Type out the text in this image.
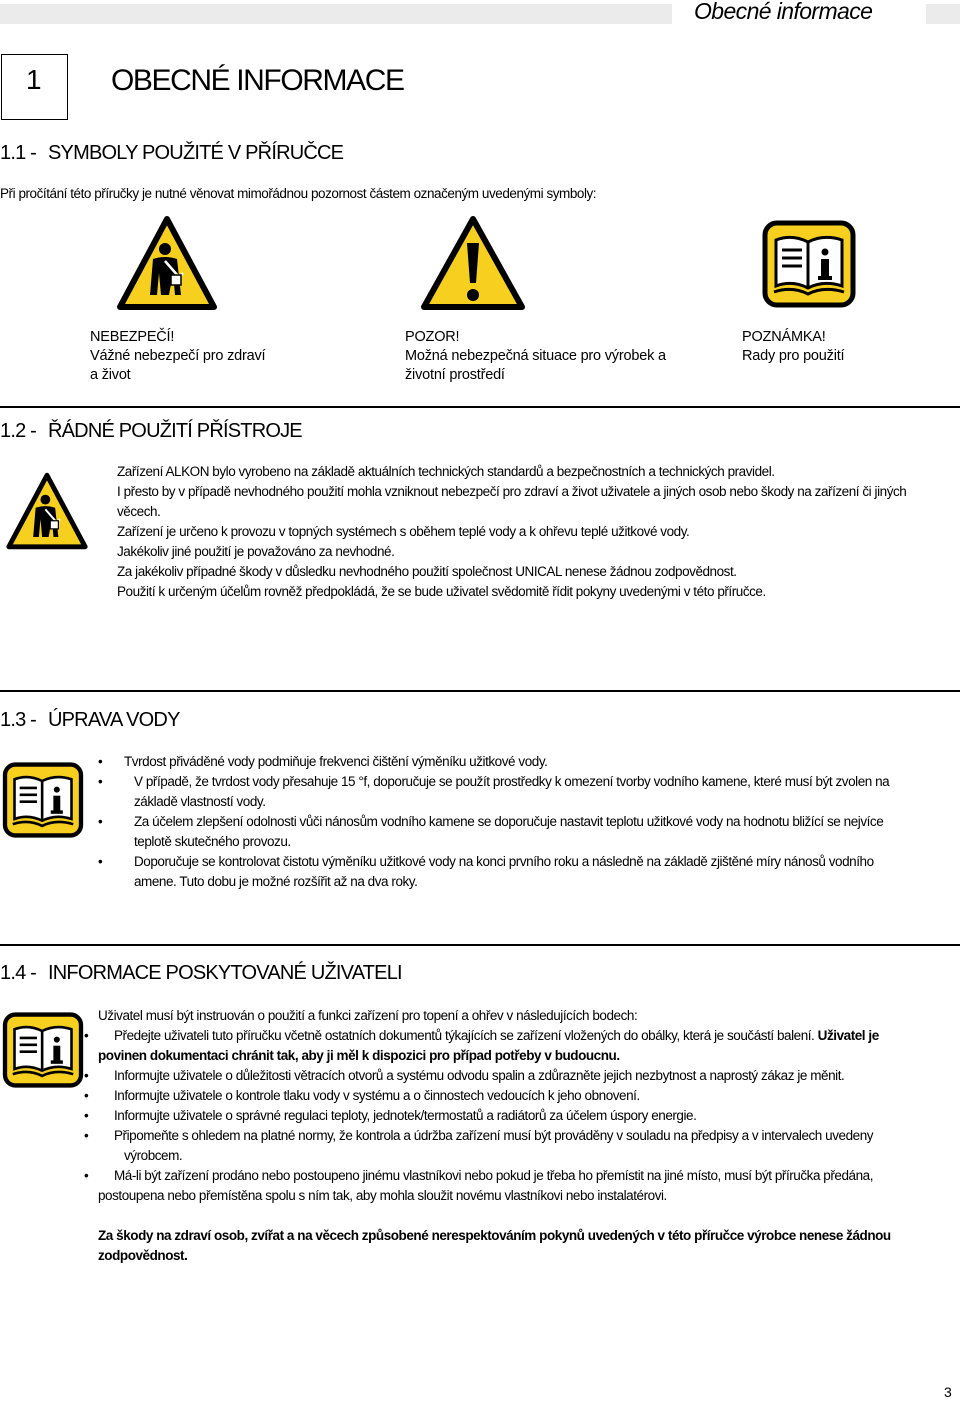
Obecné informace
1 OBECNÉ INFORMACE
1.1 - SYMBOLY POUŽITÉ V PŘÍRUČCE
Při pročítání této příručky je nutné věnovat mimořádnou pozornost částem označeným uvedenými symboly:
NEBEZPEČÍ!
Vážné nebezpečí pro zdraví
a život
POZOR!
Možná nebezpečná situace pro výrobek a
životní prostředí
POZNÁMKA!
Rady pro použití
1.2 - ŘÁDNÉ POUŽITÍ PŘÍSTROJE
Zařízení ALKON bylo vyrobeno na základě aktuálních technických standardů a bezpečnostních a technických pravidel.
I přesto by v případě nevhodného použití mohla vzniknout nebezpečí pro zdraví a život uživatele a jiných osob nebo škody na zařízení či jiných
věcech.
Zařízení je určeno k provozu v topných systémech s oběhem teplé vody a k ohřevu teplé užitkové vody.
Jakékoliv jiné použití je považováno za nevhodné.
Za jakékoliv případné škody v důsledku nevhodného použití společnost UNICAL nenese žádnou zodpovědnost.
Použití k určeným účelům rovněž předpokládá, že se bude uživatel svědomitě řídit pokyny uvedenými v této příručce.
1.3 - ÚPRAVA VODY
• Tvrdost přiváděné vody podmiňuje frekvenci čištění výměníku užitkové vody.
• V případě, že tvrdost vody přesahuje 15 °f, doporučuje se použít prostředky k omezení tvorby vodního kamene, které musí být zvolen na
základě vlastností vody.
• Za účelem zlepšení odolnosti vůči nánosům vodního kamene se doporučuje nastavit teplotu užitkové vody na hodnotu bližící se nejvíce
teplotě skutečného provozu.
• Doporučuje se kontrolovat čistotu výměníku užitkové vody na konci prvního roku a následně na základě zjištěné míry nánosů vodního
amene. Tuto dobu je možné rozšířit až na dva roky.
1.4 - INFORMACE POSKYTOVANÉ UŽIVATELI
Uživatel musí být instruován o použití a funkci zařízení pro topení a ohřev v následujících bodech:
• Předejte uživateli tuto příručku včetně ostatních dokumentů týkajících se zařízení vložených do obálky, která je součástí balení. Uživatel je
povinen dokumentaci chránit tak, aby ji měl k dispozici pro případ potřeby v budoucnu.
• Informujte uživatele o důležitosti větracích otvorů a systému odvodu spalin a zdůrazněte jejich nezbytnost a naprostý zákaz je měnit.
• Informujte uživatele o kontrole tlaku vody v systému a o činnostech vedoucích k jeho obnovení.
• Informujte uživatele o správné regulaci teploty, jednotek/termostatů a radiátorů za účelem úspory energie.
• Připomeňte s ohledem na platné normy, že kontrola a údržba zařízení musí být prováděny v souladu na předpisy a v intervalech uvedeny
výrobcem.
• Má-li být zařízení prodáno nebo postoupeno jinému vlastníkovi nebo pokud je třeba ho přemístit na jiné místo, musí být příručka předána,
postoupena nebo přemístěna spolu s ním tak, aby mohla sloužit novému vlastníkovi nebo instalatérovi.
Za škody na zdraví osob, zvířat a na věcech způsobené nerespektováním pokynů uvedených v této příručce výrobce nenese žádnou
zodpovědnost.
3
